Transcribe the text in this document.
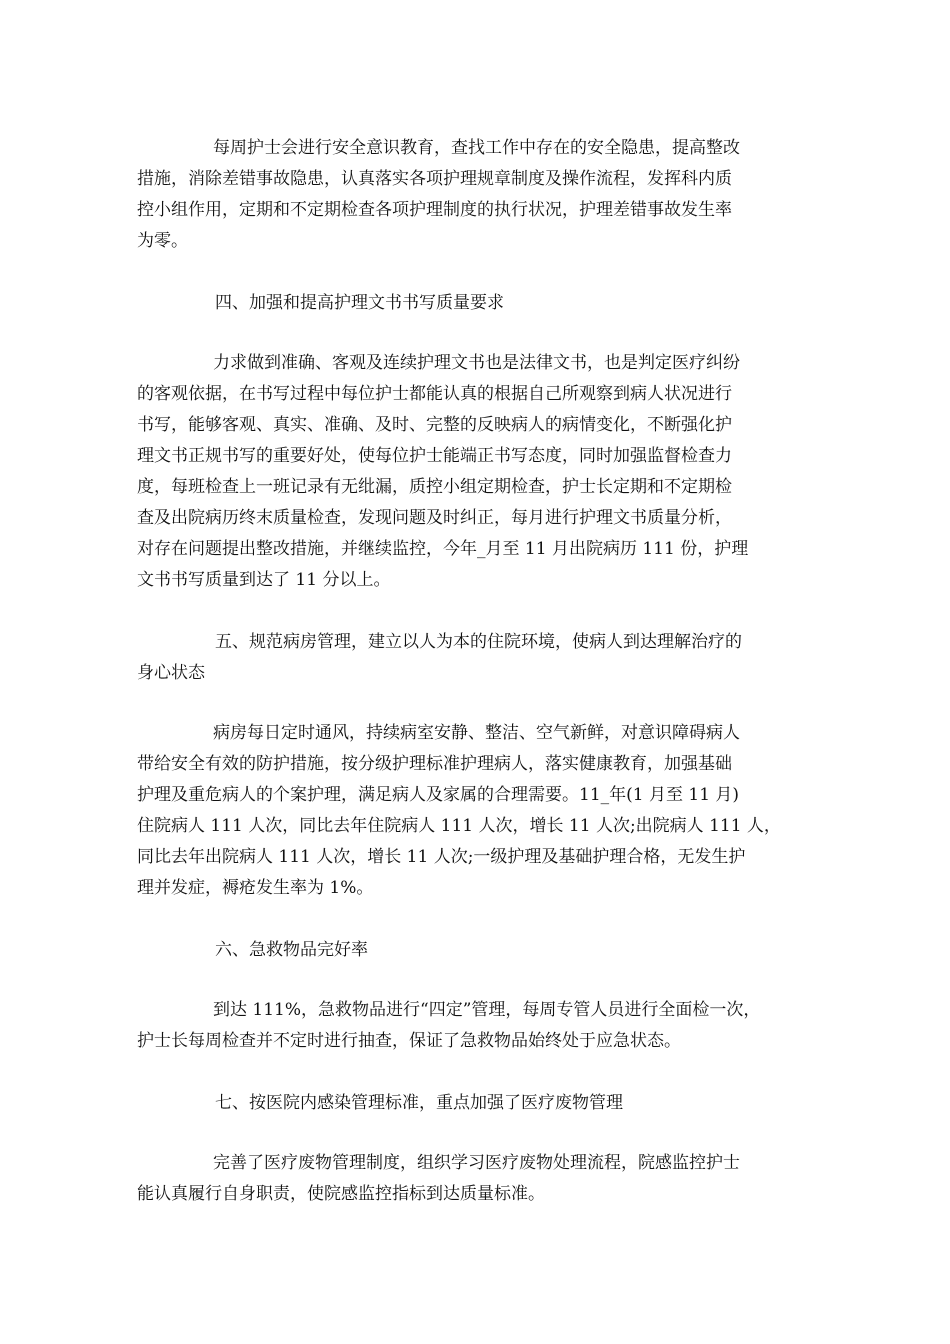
每周护士会进行安全意识教育，查找工作中存在的安全隐患，提高整改
措施，消除差错事故隐患，认真落实各项护理规章制度及操作流程，发挥科内质
控小组作用，定期和不定期检查各项护理制度的执行状况，护理差错事故发生率
为零。
四、加强和提高护理文书书写质量要求
力求做到准确、客观及连续护理文书也是法律文书，也是判定医疗纠纷
的客观依据，在书写过程中每位护士都能认真的根据自己所观察到病人状况进行
书写，能够客观、真实、准确、及时、完整的反映病人的病情变化，不断强化护
理文书正规书写的重要好处，使每位护士能端正书写态度，同时加强监督检查力
度，每班检查上一班记录有无纰漏，质控小组定期检查，护士长定期和不定期检
查及出院病历终末质量检查，发现问题及时纠正，每月进行护理文书质量分析，
对存在问题提出整改措施，并继续监控，今年_月至 11 月出院病历 111 份，护理
文书书写质量到达了 11 分以上。
五、规范病房管理，建立以人为本的住院环境，使病人到达理解治疗的
身心状态
病房每日定时通风，持续病室安静、整洁、空气新鲜，对意识障碍病人
带给安全有效的防护措施，按分级护理标准护理病人，落实健康教育，加强基础
护理及重危病人的个案护理，满足病人及家属的合理需要。11_年(1 月至 11 月)
住院病人 111 人次，同比去年住院病人 111 人次，增长 11 人次;出院病人 111 人，
同比去年出院病人 111 人次，增长 11 人次;一级护理及基础护理合格，无发生护
理并发症，褥疮发生率为 1%。
六、急救物品完好率
到达 111%，急救物品进行“四定”管理，每周专管人员进行全面检一次，
护士长每周检查并不定时进行抽查，保证了急救物品始终处于应急状态。
七、按医院内感染管理标准，重点加强了医疗废物管理
完善了医疗废物管理制度，组织学习医疗废物处理流程，院感监控护士
能认真履行自身职责，使院感监控指标到达质量标准。
